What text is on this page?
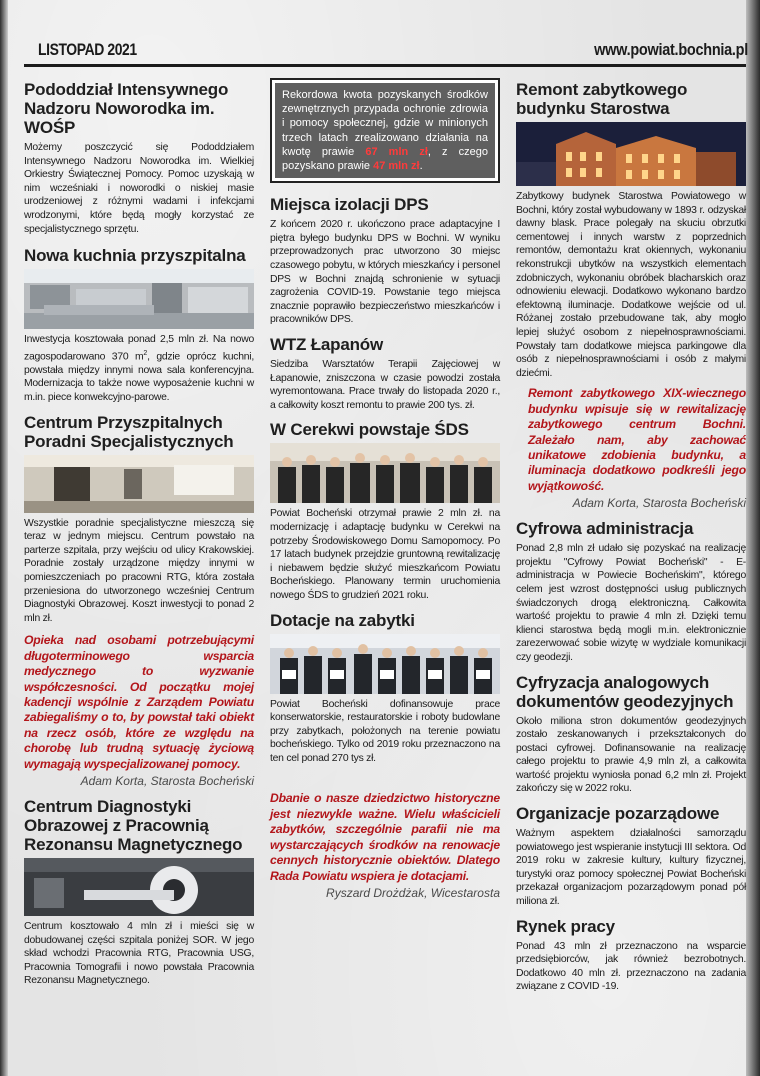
LISTOPAD 2021	www.powiat.bochnia.pl
Pododdział Intensywnego Nadzoru Noworodka im. WOŚP

Możemy poszczycić się Pododdziałem Intensywnego Nadzoru Noworodka im. Wielkiej Orkiestry Świątecznej Pomocy. Pomoc uzyskają w nim wcześniaki i noworodki o niskiej masie urodzeniowej z różnymi wadami i infekcjami wrodzonymi, które będą mogły korzystać ze specjalistycznego sprzętu.

Nowa kuchnia przyszpitalna

Inwestycja kosztowała ponad 2,5 mln zł. Na nowo zagospodarowano 370 $m^2$, gdzie oprócz kuchni, powstała między innymi nowa sala konferencyjna. Modernizacja to także nowe wyposażenie kuchni w m.in. piece konwekcyjno-parowe.

Centrum Przyszpitalnych Poradni Specjalistycznych

Wszystkie poradnie specjalistyczne mieszczą się teraz w jednym miejscu. Centrum powstało na parterze szpitala, przy wejściu od ulicy Krakowskiej. Poradnie zostały urządzone między innymi w pomieszczeniach po pracowni RTG, która została przeniesiona do utworzonego wcześniej Centrum Diagnostyki Obrazowej. Koszt inwestycji to ponad 2 mln zł.

Opieka nad osobami potrzebującymi długoterminowego wsparcia medycznego to wyzwanie współczesności. Od początku mojej kadencji wspólnie z Zarządem Powiatu zabiegaliśmy o to, by powstał taki obiekt na rzecz osób, które ze względu na chorobę lub trudną sytuację życiową wymagają wyspecjalizowanej pomocy.
Adam Korta, Starosta Bocheński
Centrum Diagnostyki Obrazowej z Pracownią Rezonansu Magnetycznego

Centrum kosztowało 4 mln zł i mieści się w dobudowanej części szpitala poniżej SOR. W jego skład wchodzi Pracownia RTG, Pracownia USG, Pracownia Tomografii i nowo powstała Pracownia Rezonansu Magnetycznego.

Rekordowa kwota pozyskanych środków zewnętrznych przypada ochronie zdrowia i pomocy społecznej, gdzie w minionych trzech latach zrealizowano działania na kwotę prawie 67 mln zł, z czego pozyskano prawie 47 mln zł.
Miejsca izolacji DPS

Z końcem 2020 r. ukończono prace adaptacyjne I piętra byłego budynku DPS w Bochni. W wyniku przeprowadzonych prac utworzono 30 miejsc czasowego pobytu, w których mieszkańcy i personel DPS w Bochni znajdą schronienie w sytuacji zagrożenia COVID-19. Powstanie tego miejsca znacznie poprawiło bezpieczeństwo mieszkańców i pracowników DPS.

WTZ Łapanów

Siedziba Warsztatów Terapii Zajęciowej w Łapanowie, zniszczona w czasie powodzi została wyremontowana. Prace trwały do listopada 2020 r., a całkowity koszt remontu to prawie 200 tys. zł.

W Cerekwi powstaje ŚDS

Powiat Bocheński otrzymał prawie 2 mln zł. na modernizację i adaptację budynku w Cerekwi na potrzeby Środowiskowego Domu Samopomocy. Po 17 latach budynek przejdzie gruntowną rewitalizację i niebawem będzie służyć mieszkańcom Powiatu Bocheńskiego. Planowany termin uruchomienia nowego ŚDS to grudzień 2021 roku.

Dotacje na zabytki

Powiat Bocheński dofinansowuje prace konserwatorskie, restauratorskie i roboty budowlane przy zabytkach, położonych na terenie powiatu bocheńskiego. Tylko od 2019 roku przeznaczono na ten cel ponad 270 tys zł.

Dbanie o nasze dziedzictwo historyczne jest niezwykle ważne. Wielu właścicieli zabytków, szczególnie parafii nie ma wystarczających środków na renowacje cennych historycznie obiektów. Dlatego Rada Powiatu wspiera je dotacjami.
Ryszard Drożdżak, Wicestarosta
Remont zabytkowego budynku Starostwa

Zabytkowy budynek Starostwa Powiatowego w Bochni, który został wybudowany w 1893 r. odzyskał dawny blask. Prace polegały na skuciu obrzutki cementowej i innych warstw z poprzednich remontów, demontażu krat okiennych, wykonaniu rekonstrukcji ubytków na wszystkich elementach zdobniczych, wykonaniu obróbek blacharskich oraz odnowieniu elewacji. Dodatkowo wykonano bardzo efektowną iluminacje. Dodatkowe wejście od ul. Różanej zostało przebudowane tak, aby mogło lepiej służyć osobom z niepełnosprawnościami. Powstały tam dodatkowe miejsca parkingowe dla osób z niepełnosprawnościami i osób z małymi dziećmi.

Remont zabytkowego XIX-wiecznego budynku wpisuje się w rewitalizację zabytkowego centrum Bochni. Zależało nam, aby zachować unikatowe zdobienia budynku, a iluminacja dodatkowo podkreśli jego wyjątkowość.
Adam Korta, Starosta Bocheński
Cyfrowa administracja

Ponad 2,8 mln zł udało się pozyskać na realizację projektu "Cyfrowy Powiat Bocheński" - E-administracja w Powiecie Bocheńskim", którego celem jest wzrost dostępności usług publicznych świadczonych drogą elektroniczną. Całkowita wartość projektu to prawie 4 mln zł. Dzięki temu klienci starostwa będą mogli m.in. elektronicznie zarezerwować sobie wizytę w wydziale komunikacji czy geodezji.

Cyfryzacja analogowych dokumentów geodezyjnych

Około miliona stron dokumentów geodezyjnych zostało zeskanowanych i przekształconych do postaci cyfrowej. Dofinansowanie na realizację całego projektu to prawie 4,9 mln zł, a całkowita wartość projektu wyniosła ponad 6,2 mln zł. Projekt zakończy się w 2022 roku.

Organizacje pozarządowe

Ważnym aspektem działalności samorządu powiatowego jest wspieranie instytucji III sektora. Od 2019 roku w zakresie kultury, kultury fizycznej, turystyki oraz pomocy społecznej Powiat Bocheński przekazał organizacjom pozarządowym ponad pół miliona zł.

Rynek pracy

Ponad 43 mln zł przeznaczono na wsparcie przedsiębiorców, jak również bezrobotnych. Dodatkowo 40 mln zł. przeznaczono na zadania związane z COVID -19.
